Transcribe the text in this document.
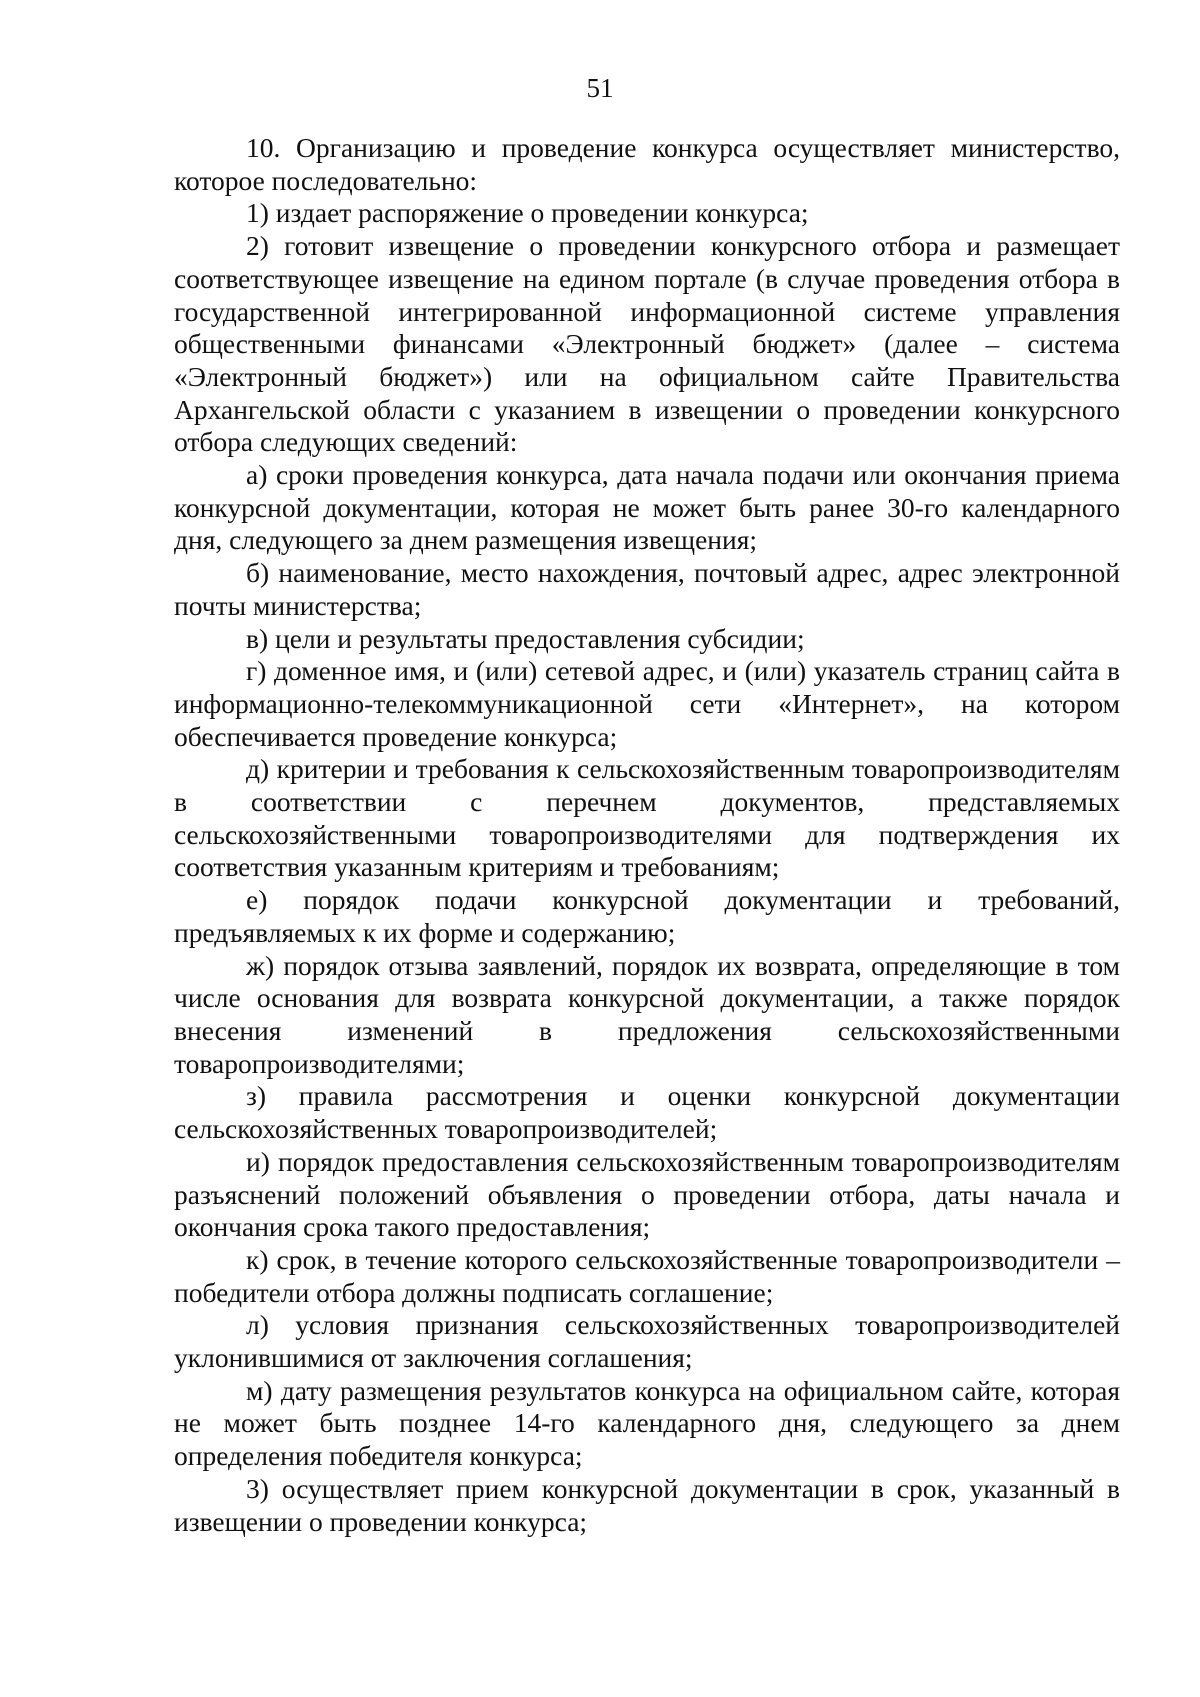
51

10. Организацию и проведение конкурса осуществляет министерство, которое последовательно:

1) издает распоряжение о проведении конкурса;

2) готовит извещение о проведении конкурсного отбора и размещает соответствующее извещение на едином портале (в случае проведения отбора в государственной интегрированной информационной системе управления общественными финансами «Электронный бюджет» (далее – система «Электронный бюджет») или на официальном сайте Правительства Архангельской области с указанием в извещении о проведении конкурсного отбора следующих сведений:

а) сроки проведения конкурса, дата начала подачи или окончания приема конкурсной документации, которая не может быть ранее 30-го календарного дня, следующего за днем размещения извещения;

б) наименование, место нахождения, почтовый адрес, адрес электронной почты министерства;

в) цели и результаты предоставления субсидии;

г) доменное имя, и (или) сетевой адрес, и (или) указатель страниц сайта в информационно-телекоммуникационной сети «Интернет», на котором обеспечивается проведение конкурса;

д) критерии и требования к сельскохозяйственным товаропроизводителям в соответствии с перечнем документов, представляемых сельскохозяйственными товаропроизводителями для подтверждения их соответствия указанным критериям и требованиям;

е) порядок подачи конкурсной документации и требований, предъявляемых к их форме и содержанию;

ж) порядок отзыва заявлений, порядок их возврата, определяющие в том числе основания для возврата конкурсной документации, а также порядок внесения изменений в предложения сельскохозяйственными товаропроизводителями;

з) правила рассмотрения и оценки конкурсной документации сельскохозяйственных товаропроизводителей;

и) порядок предоставления сельскохозяйственным товаропроизводителям разъяснений положений объявления о проведении отбора, даты начала и окончания срока такого предоставления;

к) срок, в течение которого сельскохозяйственные товаропроизводители – победители отбора должны подписать соглашение;

л) условия признания сельскохозяйственных товаропроизводителей уклонившимися от заключения соглашения;

м) дату размещения результатов конкурса на официальном сайте, которая не может быть позднее 14-го календарного дня, следующего за днем определения победителя конкурса;

3) осуществляет прием конкурсной документации в срок, указанный в извещении о проведении конкурса;
